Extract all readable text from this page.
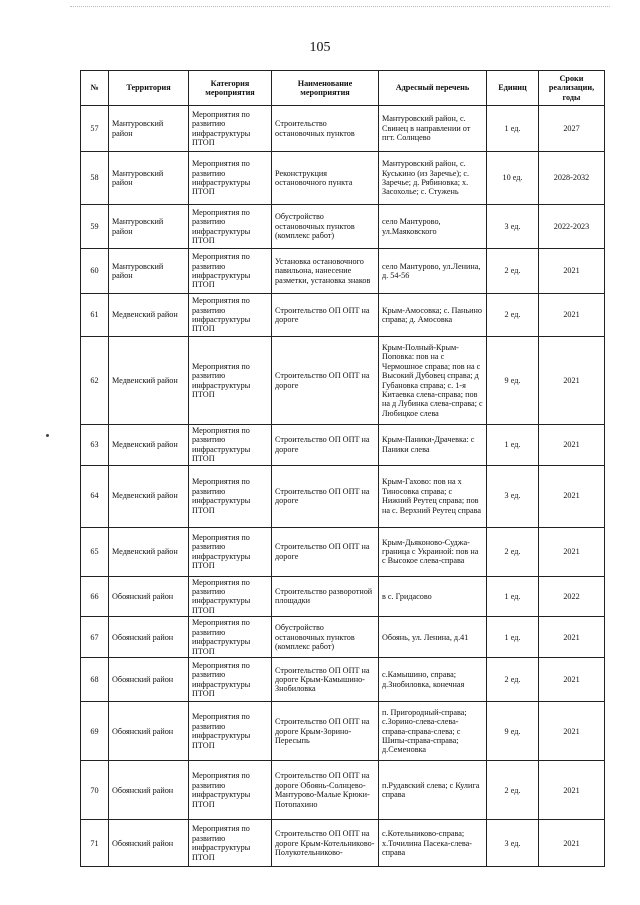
105
№	Территория	Категория мероприятия	Наименование мероприятия	Адресный перечень	Единиц	Сроки реализации, годы
57	Мантуровский район	Мероприятия по развитию инфраструктуры ПТОП	Строительство остановочных пунктов	Мантуровский район, с. Свинец в направлении от пгт. Солнцево	1 ед.	2027
58	Мантуровский район	Мероприятия по развитию инфраструктуры ПТОП	Реконструкция остановочного пункта	Мантуровский район, с. Куськино (из Заречье); с. Заречье; д. Рябиновка; х. Засохолье; с. Стужень	10 ед.	2028-2032
59	Мантуровский район	Мероприятия по развитию инфраструктуры ПТОП	Обустройство остановочных пунктов (комплекс работ)	село Мантурово, ул.Маяковского	3 ед.	2022-2023
60	Мантуровский район	Мероприятия по развитию инфраструктуры ПТОП	Установка остановочного павильона, нанесение разметки, установка знаков	село Мантурово, ул.Ленина, д. 54-56	2 ед.	2021
61	Медвенский район	Мероприятия по развитию инфраструктуры ПТОП	Строительство ОП ОПТ на дороге	Крым-Амосовка; с. Паньино справа; д. Амосовка	2 ед.	2021
62	Медвенский район	Мероприятия по развитию инфраструктуры ПТОП	Строительство ОП ОПТ на дороге	Крым-Полный-Крым-Поповка: пов на с Чермошное справа; пов на с Высокий Дубовец справа; д Губановка справа; с. 1-я Китаевка слева-справа; пов на д Лубинка слева-справа; с Любицкое слева	9 ед.	2021
63	Медвенский район	Мероприятия по развитию инфраструктуры ПТОП	Строительство ОП ОПТ на дороге	Крым-Паники-Драчевка: с Паники слева	1 ед.	2021
64	Медвенский район	Мероприятия по развитию инфраструктуры ПТОП	Строительство ОП ОПТ на дороге	Крым-Гахово: пов на х Тиносовка справа; с Нижний Реутец справа; пов на с. Верхний Реутец справа	3 ед.	2021
65	Медвенский район	Мероприятия по развитию инфраструктуры ПТОП	Строительство ОП ОПТ на дороге	Крым-Дьяконово-Суджа-граница с Украиной: пов на с Высокое слева-справа	2 ед.	2021
66	Обоянский район	Мероприятия по развитию инфраструктуры ПТОП	Строительство разворотной площадки	в с. Гридасово	1 ед.	2022
67	Обоянский район	Мероприятия по развитию инфраструктуры ПТОП	Обустройство остановочных пунктов (комплекс работ)	Обоянь, ул. Ленина, д.41	1 ед.	2021
68	Обоянский район	Мероприятия по развитию инфраструктуры ПТОП	Строительство ОП ОПТ на дороге Крым-Камышино-Знобиловка	с.Камышино, справа; д.Знобиловка, конечная	2 ед.	2021
69	Обоянский район	Мероприятия по развитию инфраструктуры ПТОП	Строительство ОП ОПТ на дороге Крым-Зорино-Пересыпь	п. Пригородный-справа; с.Зорино-слева-слева-справа-справа-слева; с Шипы-справа-справа; д.Семеновка	9 ед.	2021
70	Обоянский район	Мероприятия по развитию инфраструктуры ПТОП	Строительство ОП ОПТ на дороге Обоянь-Солнцево-Мантурово-Малые Крюки-Потопахино	п.Рудавский слева; с Кулига справа	2 ед.	2021
71	Обоянский район	Мероприятия по развитию инфраструктуры ПТОП	Строительство ОП ОПТ на дороге Крым-Котельниково-Полукотельниково-	с.Котельниково-справа; х.Точилина Пасека-слева-справа	3 ед.	2021
